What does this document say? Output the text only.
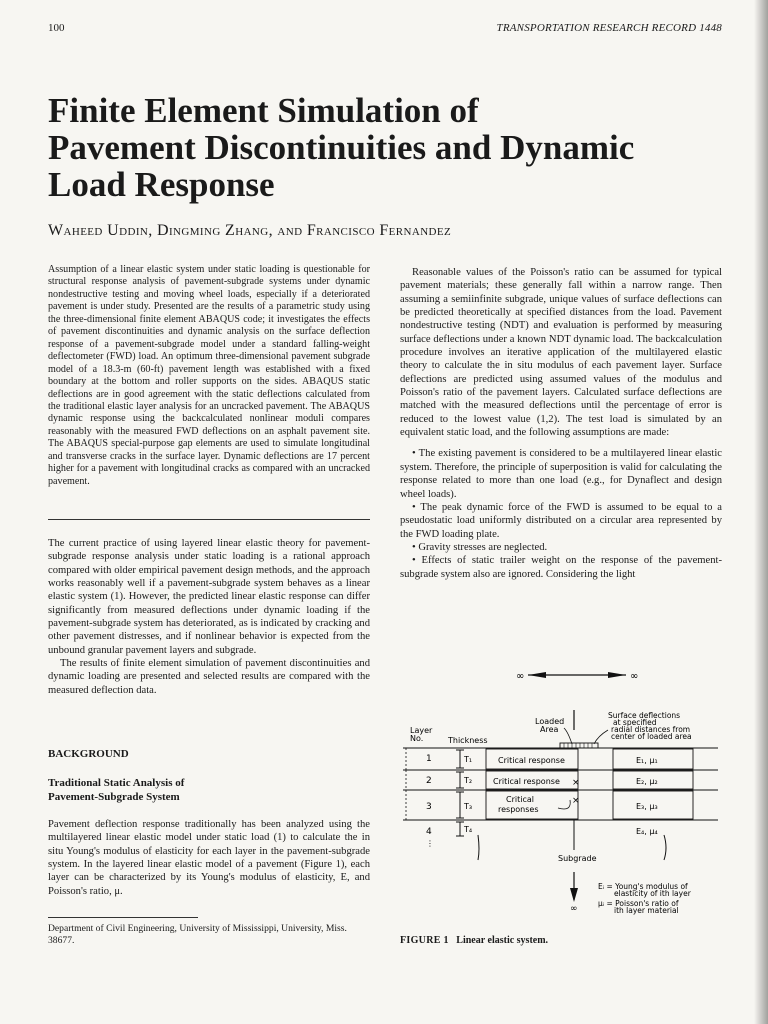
100	TRANSPORTATION RESEARCH RECORD 1448
Finite Element Simulation of
Pavement Discontinuities and Dynamic
Load Response
Waheed Uddin, Dingming Zhang, and Francisco Fernandez

Assumption of a linear elastic system under static loading is questionable for structural response analysis of pavement-subgrade systems under dynamic nondestructive testing and moving wheel loads, especially if a deteriorated pavement is under study. Presented are the results of a parametric study using the three-dimensional finite element ABAQUS code; it investigates the effects of pavement discontinuities and dynamic analysis on the surface deflection response of a pavement-subgrade model under a standard falling-weight deflectometer (FWD) load. An optimum three-dimensional pavement subgrade model of a 18.3-m (60-ft) pavement length was established with a fixed boundary at the bottom and roller supports on the sides. ABAQUS static deflections are in good agreement with the static deflections calculated from the traditional elastic layer analysis for an uncracked pavement. The ABAQUS dynamic response using the backcalculated nonlinear moduli compares reasonably with the measured FWD deflections on an asphalt pavement site. The ABAQUS special-purpose gap elements are used to simulate longitudinal and transverse cracks in the surface layer. Dynamic deflections are 17 percent higher for a pavement with longitudinal cracks as compared with an uncracked pavement.

The current practice of using layered linear elastic theory for pavement-subgrade response analysis under static loading is a rational approach compared with older empirical pavement design methods, and the approach works reasonably well if a pavement-subgrade system behaves as a linear elastic system (1). However, the predicted linear elastic response can differ significantly from measured deflections under dynamic loading if the pavement-subgrade system has deteriorated, as is indicated by cracking and other pavement distresses, and if nonlinear behavior is expected from the unbound granular pavement layers and subgrade.

The results of finite element simulation of pavement discontinuities and dynamic loading are presented and selected results are compared with the measured deflection data.

BACKGROUND
Traditional Static Analysis of
Pavement-Subgrade System

Pavement deflection response traditionally has been analyzed using the multilayered linear elastic model under static load (1) to calculate the in situ Young's modulus of elasticity for each layer in the pavement-subgrade system. In the layered linear elastic model of a pavement (Figure 1), each layer can be characterized by its Young's modulus of elasticity, E, and Poisson's ratio, μ.

Department of Civil Engineering, University of Mississippi, University, Miss. 38677.

Reasonable values of the Poisson's ratio can be assumed for typical pavement materials; these generally fall within a narrow range. Then assuming a semiinfinite subgrade, unique values of surface deflections can be predicted theoretically at specified distances from the load. Pavement nondestructive testing (NDT) and evaluation is performed by measuring surface deflections under a known NDT dynamic load. The backcalculation procedure involves an iterative application of the multilayered elastic theory to calculate the in situ modulus of each pavement layer. Surface deflections are predicted using assumed values of the modulus and Poisson's ratio of the pavement layers. Calculated surface deflections are matched with the measured deflections until the percentage of error is reduced to the lowest value (1,2). The test load is simulated by an equivalent static load, and the following assumptions are made:

• The existing pavement is considered to be a multilayered linear elastic system. Therefore, the principle of superposition is valid for calculating the response related to more than one load (e.g., for Dynaflect and design wheel loads).

• The peak dynamic force of the FWD is assumed to be equal to a pseudostatic load uniformly distributed on a circular area represented by the FWD loading plate.

• Gravity stresses are neglected.

• Effects of static trailer weight on the response of the pavement-subgrade system also are ignored. Considering the light

∞	∞
Layer
No.	Thickness
Loaded
Area
Surface deflections
at specified
radial distances from
center of loaded area
1
2
3
4
⋮
T₁
T₂
T₃
T₄
Critical response
Critical response
Critical
responses
×
×
E₁, μ₁
E₂, μ₂
E₃, μ₃
E₄, μ₄
Subgrade
∞
Eᵢ = Young's modulus of
elasticity of ith layer
μᵢ = Poisson's ratio of
ith layer material
FIGURE 1 Linear elastic system.
